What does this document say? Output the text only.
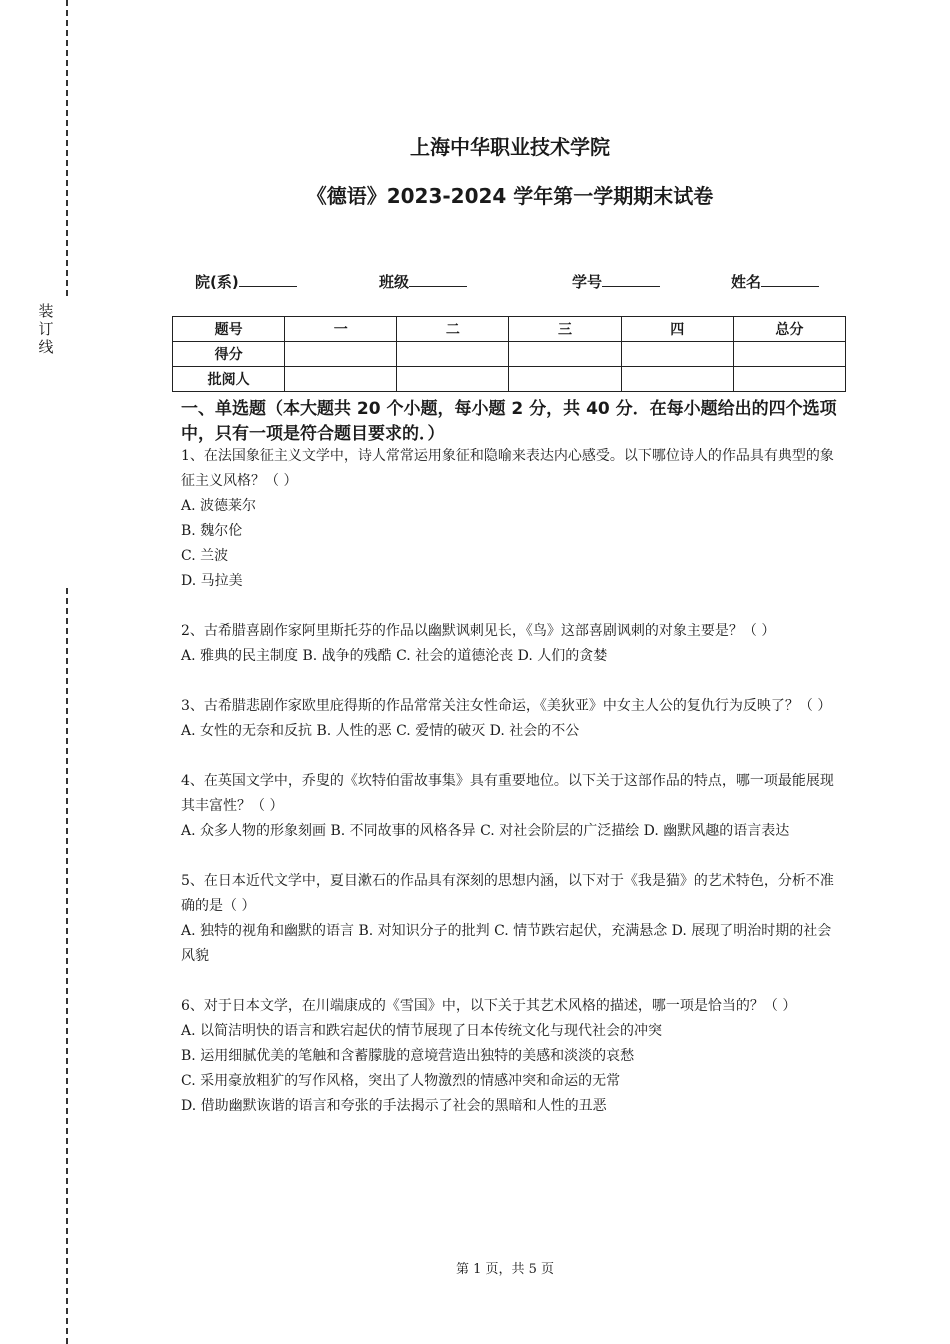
装
订
线
上海中华职业技术学院
《德语》2023-2024 学年第一学期期末试卷
院(系)	班级	学号	姓名
题号	一	二	三	四	总分
得分					
批阅人					
一、单选题（本大题共 20 个小题，每小题 2 分，共 40 分．在每小题给出的四个选项中，只有一项是符合题目要求的．）

1、在法国象征主义文学中，诗人常常运用象征和隐喻来表达内心感受。以下哪位诗人的作品具有典型的象征主义风格？（ ）

A. 波德莱尔

B. 魏尔伦

C. 兰波

D. 马拉美

2、古希腊喜剧作家阿里斯托芬的作品以幽默讽刺见长，《鸟》这部喜剧讽刺的对象主要是？（ ）

A. 雅典的民主制度 B. 战争的残酷 C. 社会的道德沦丧 D. 人们的贪婪

3、古希腊悲剧作家欧里庇得斯的作品常常关注女性命运，《美狄亚》中女主人公的复仇行为反映了？（ ）

A. 女性的无奈和反抗 B. 人性的恶 C. 爱情的破灭 D. 社会的不公

4、在英国文学中，乔叟的《坎特伯雷故事集》具有重要地位。以下关于这部作品的特点，哪一项最能展现其丰富性？（ ）

A. 众多人物的形象刻画 B. 不同故事的风格各异 C. 对社会阶层的广泛描绘 D. 幽默风趣的语言表达

5、在日本近代文学中，夏目漱石的作品具有深刻的思想内涵，以下对于《我是猫》的艺术特色，分析不准确的是（ ）

A. 独特的视角和幽默的语言 B. 对知识分子的批判 C. 情节跌宕起伏，充满悬念 D. 展现了明治时期的社会风貌

6、对于日本文学，在川端康成的《雪国》中，以下关于其艺术风格的描述，哪一项是恰当的？（ ）

A. 以简洁明快的语言和跌宕起伏的情节展现了日本传统文化与现代社会的冲突

B. 运用细腻优美的笔触和含蓄朦胧的意境营造出独特的美感和淡淡的哀愁

C. 采用豪放粗犷的写作风格，突出了人物激烈的情感冲突和命运的无常

D. 借助幽默诙谐的语言和夸张的手法揭示了社会的黑暗和人性的丑恶

第 1 页，共 5 页
